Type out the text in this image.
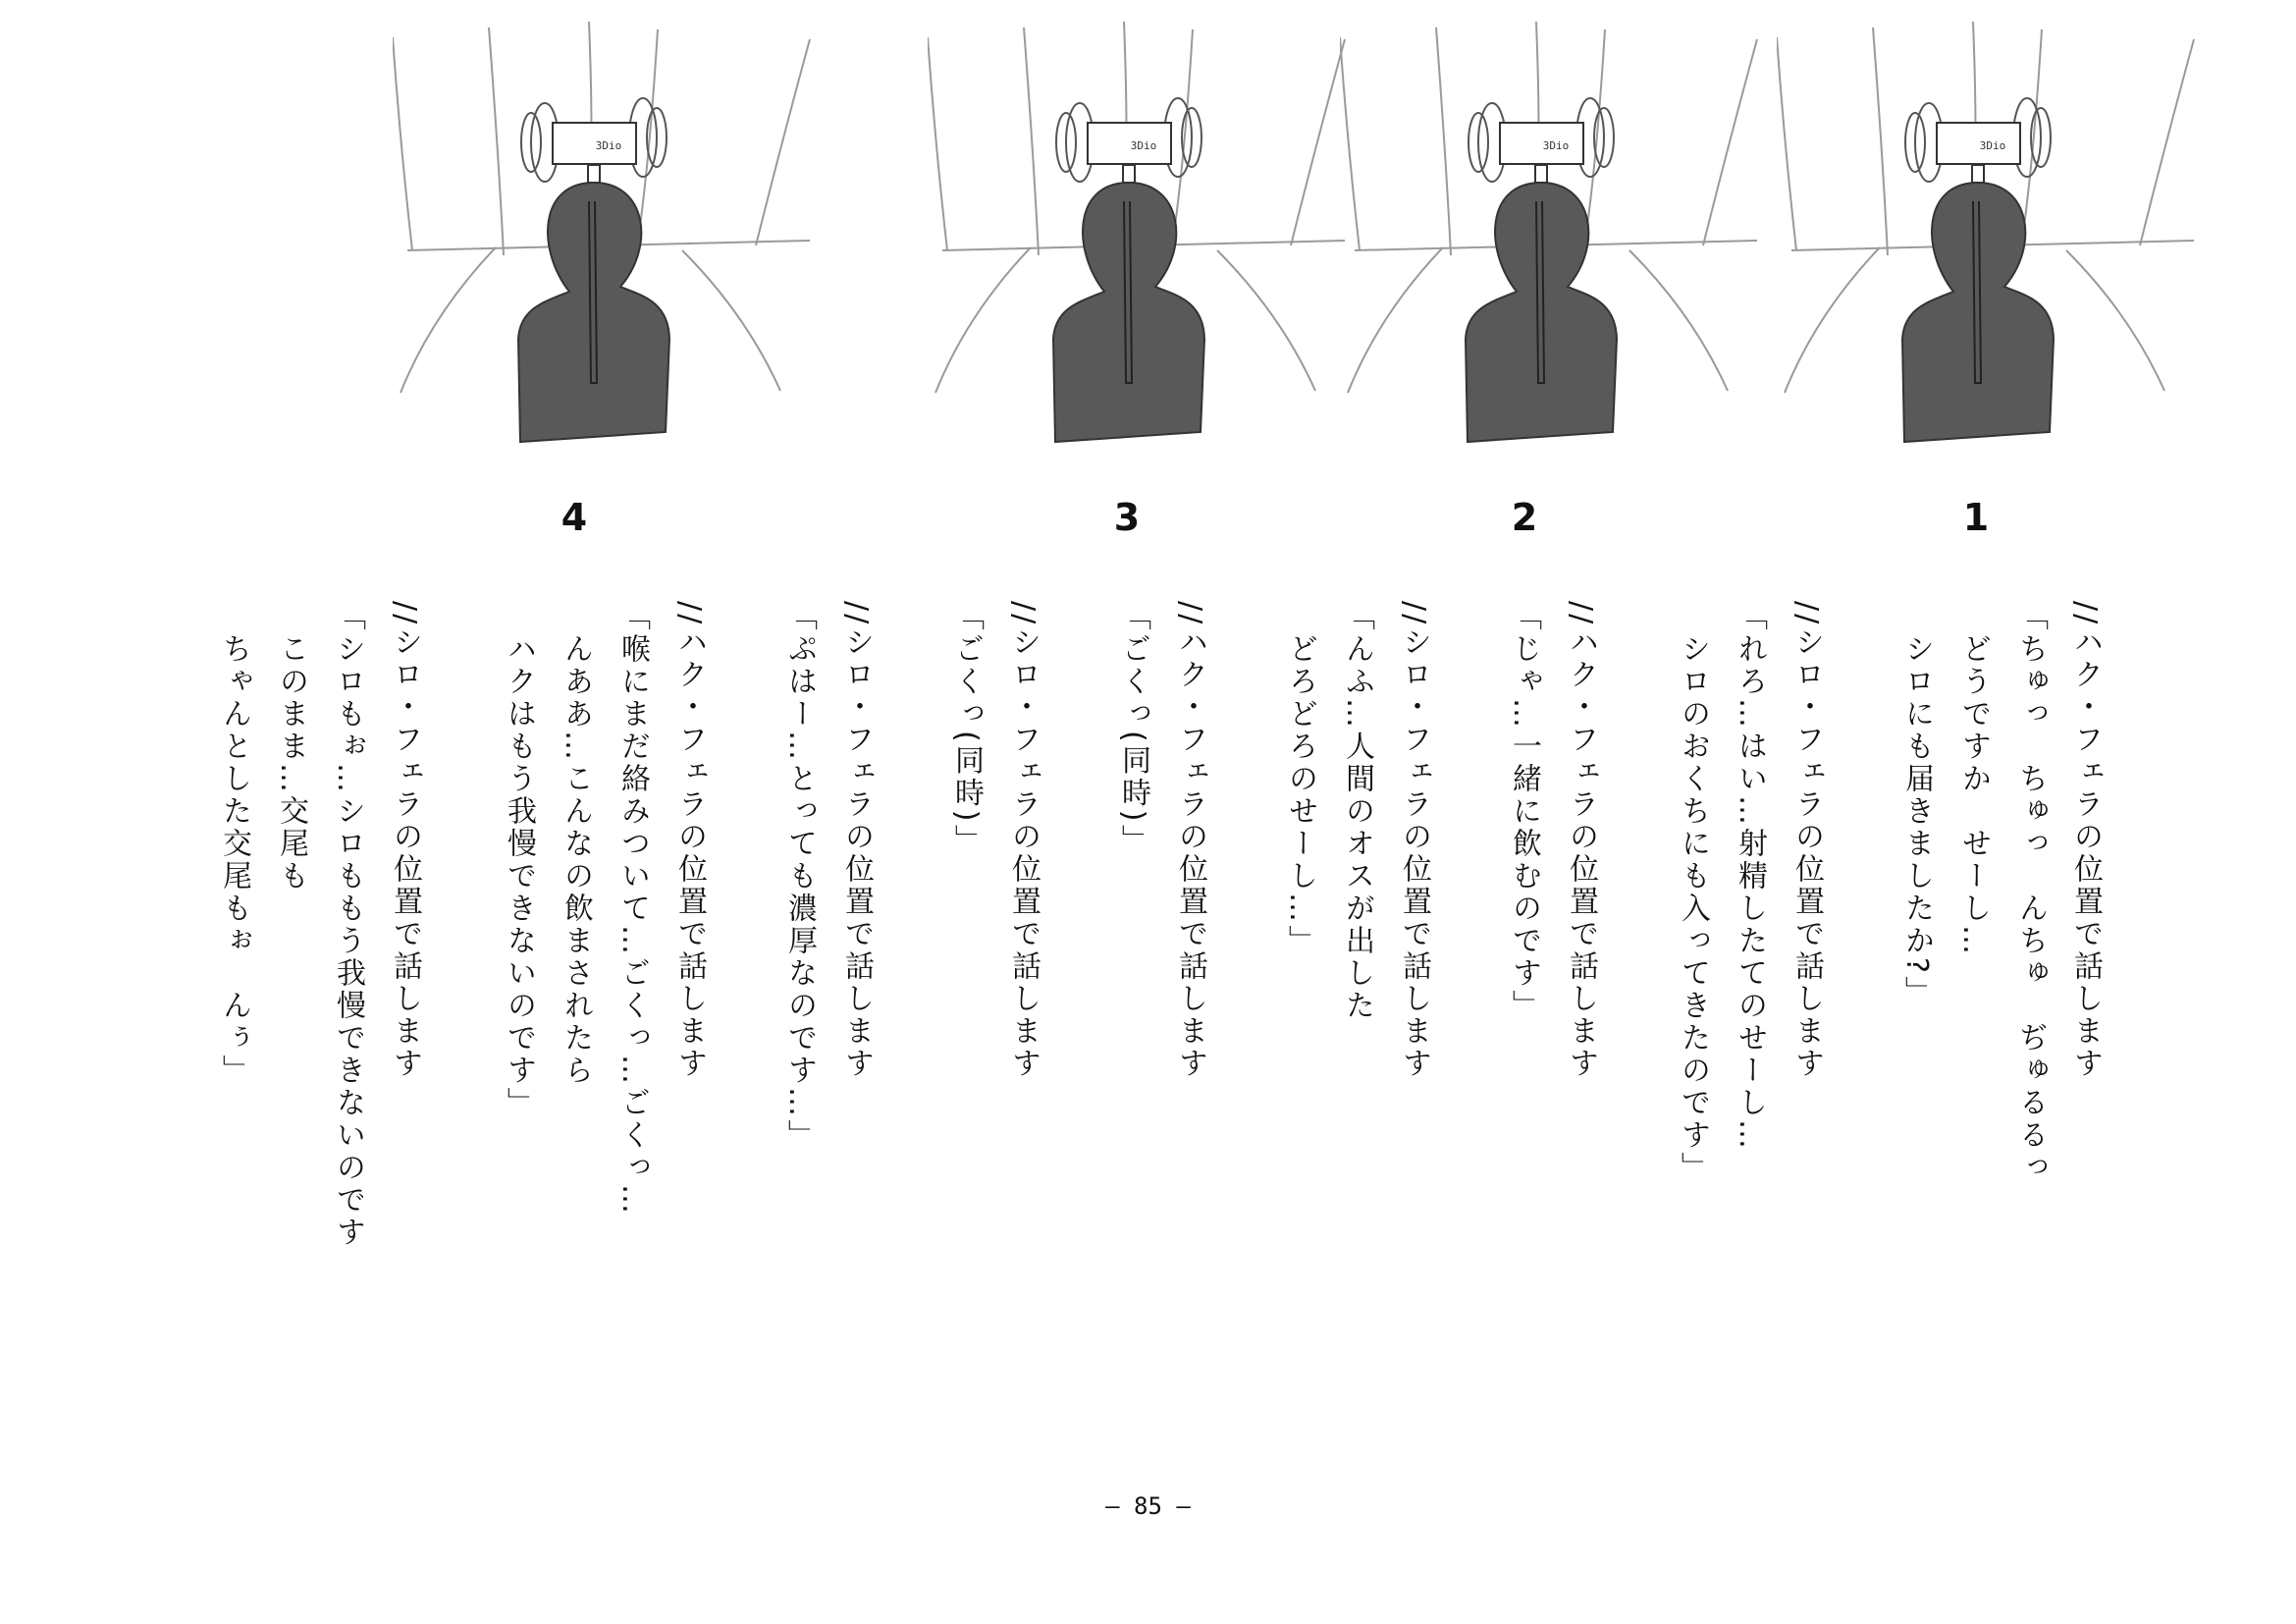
3Dio	3Dio	3Dio	3Dio
4	3	2	1
//ハク・フェラの位置で話します
「ちゅっ　ちゅっ　んちゅ　ぢゅるるっ
　どうですか　せーし…
　シロにも届きましたか?」
//シロ・フェラの位置で話します
「れろ…はい…射精したてのせーし…
　シロのおくちにも入ってきたのです」
//ハク・フェラの位置で話します
「じゃ…一緒に飲むのです」
//シロ・フェラの位置で話します
「んふ…人間のオスが出した
　どろどろのせーし…」
//ハク・フェラの位置で話します
「ごくっ(同時)」
//シロ・フェラの位置で話します
「ごくっ(同時)」
//シロ・フェラの位置で話します
「ぷはー…とっても濃厚なのです…」
//ハク・フェラの位置で話します
「喉にまだ絡みついて…ごくっ…ごくっ…
　んああ…こんなの飲まされたら
　ハクはもう我慢できないのです」
//シロ・フェラの位置で話します
「シロもぉ…シロももう我慢できないのです
　このまま…交尾も
　ちゃんとした交尾もぉ　んぅ」
― 85 ―
